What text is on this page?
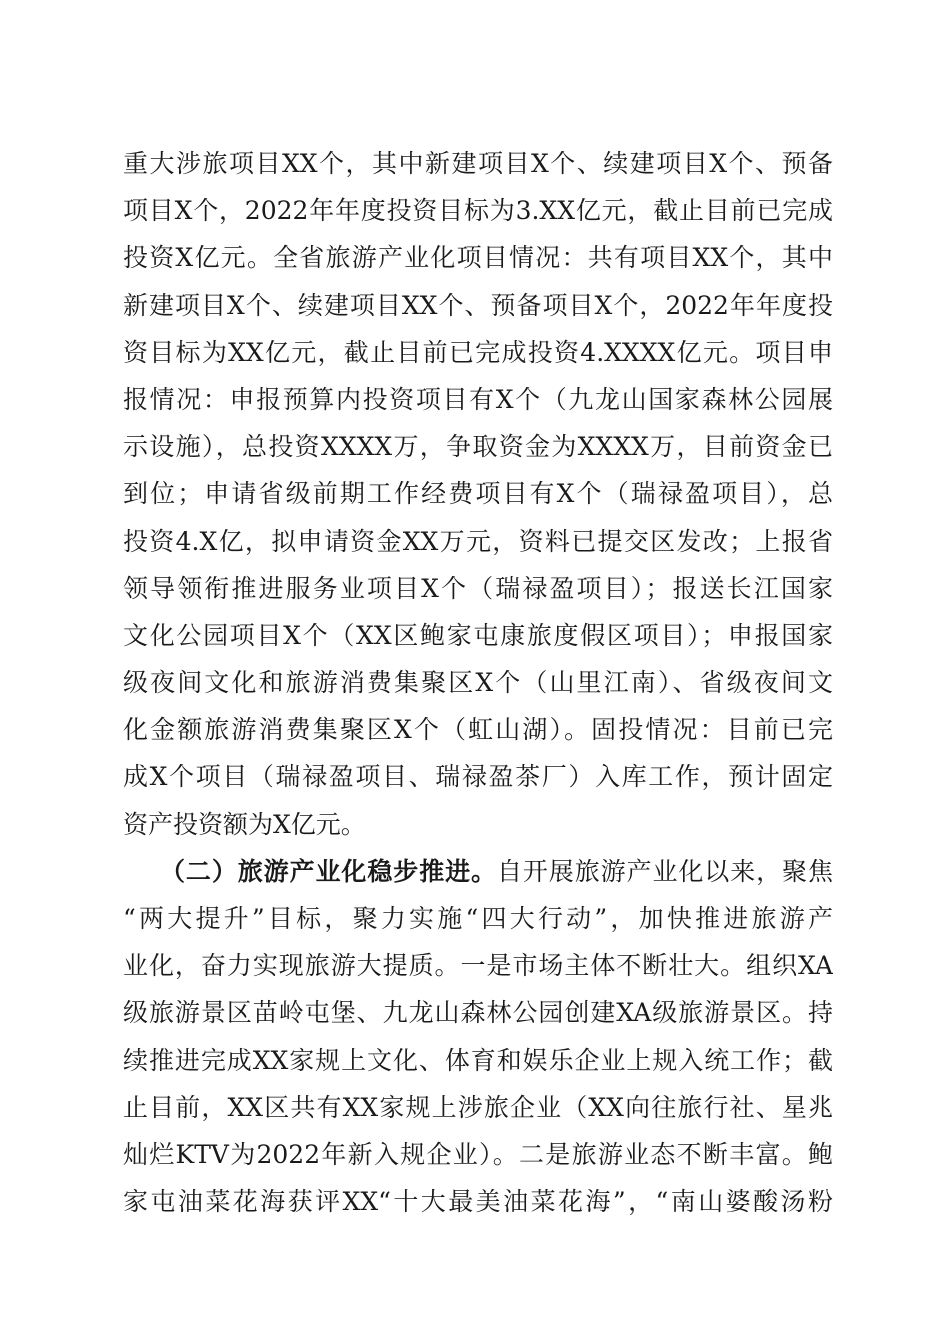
重大涉旅项目XX个，其中新建项目X个、续建项目X个、预备
项目X个，2022年年度投资目标为3.XX亿元，截止目前已完成
投资X亿元。全省旅游产业化项目情况：共有项目XX个，其中
新建项目X个、续建项目XX个、预备项目X个，2022年年度投
资目标为XX亿元，截止目前已完成投资4.XXXX亿元。项目申
报情况：申报预算内投资项目有X个（九龙山国家森林公园展
示设施），总投资XXXX万，争取资金为XXXX万，目前资金已
到位；申请省级前期工作经费项目有X个（瑞禄盈项目），总
投资4.X亿，拟申请资金XX万元，资料已提交区发改；上报省
领导领衔推进服务业项目X个（瑞禄盈项目）；报送长江国家
文化公园项目X个（XX区鲍家屯康旅度假区项目）；申报国家
级夜间文化和旅游消费集聚区X个（山里江南）、省级夜间文
化金额旅游消费集聚区X个（虹山湖）。固投情况：目前已完
成X个项目（瑞禄盈项目、瑞禄盈茶厂）入库工作，预计固定
资产投资额为X亿元。
（二）旅游产业化稳步推进。自开展旅游产业化以来，聚焦
“两大提升”目标，聚力实施“四大行动”，加快推进旅游产
业化，奋力实现旅游大提质。一是市场主体不断壮大。组织XA
级旅游景区苗岭屯堡、九龙山森林公园创建XA级旅游景区。持
续推进完成XX家规上文化、体育和娱乐企业上规入统工作；截
止目前，XX区共有XX家规上涉旅企业（XX向往旅行社、星兆
灿烂KTV为2022年新入规企业）。二是旅游业态不断丰富。鲍
家屯油菜花海获评XX“十大最美油菜花海”，“南山婆酸汤粉
